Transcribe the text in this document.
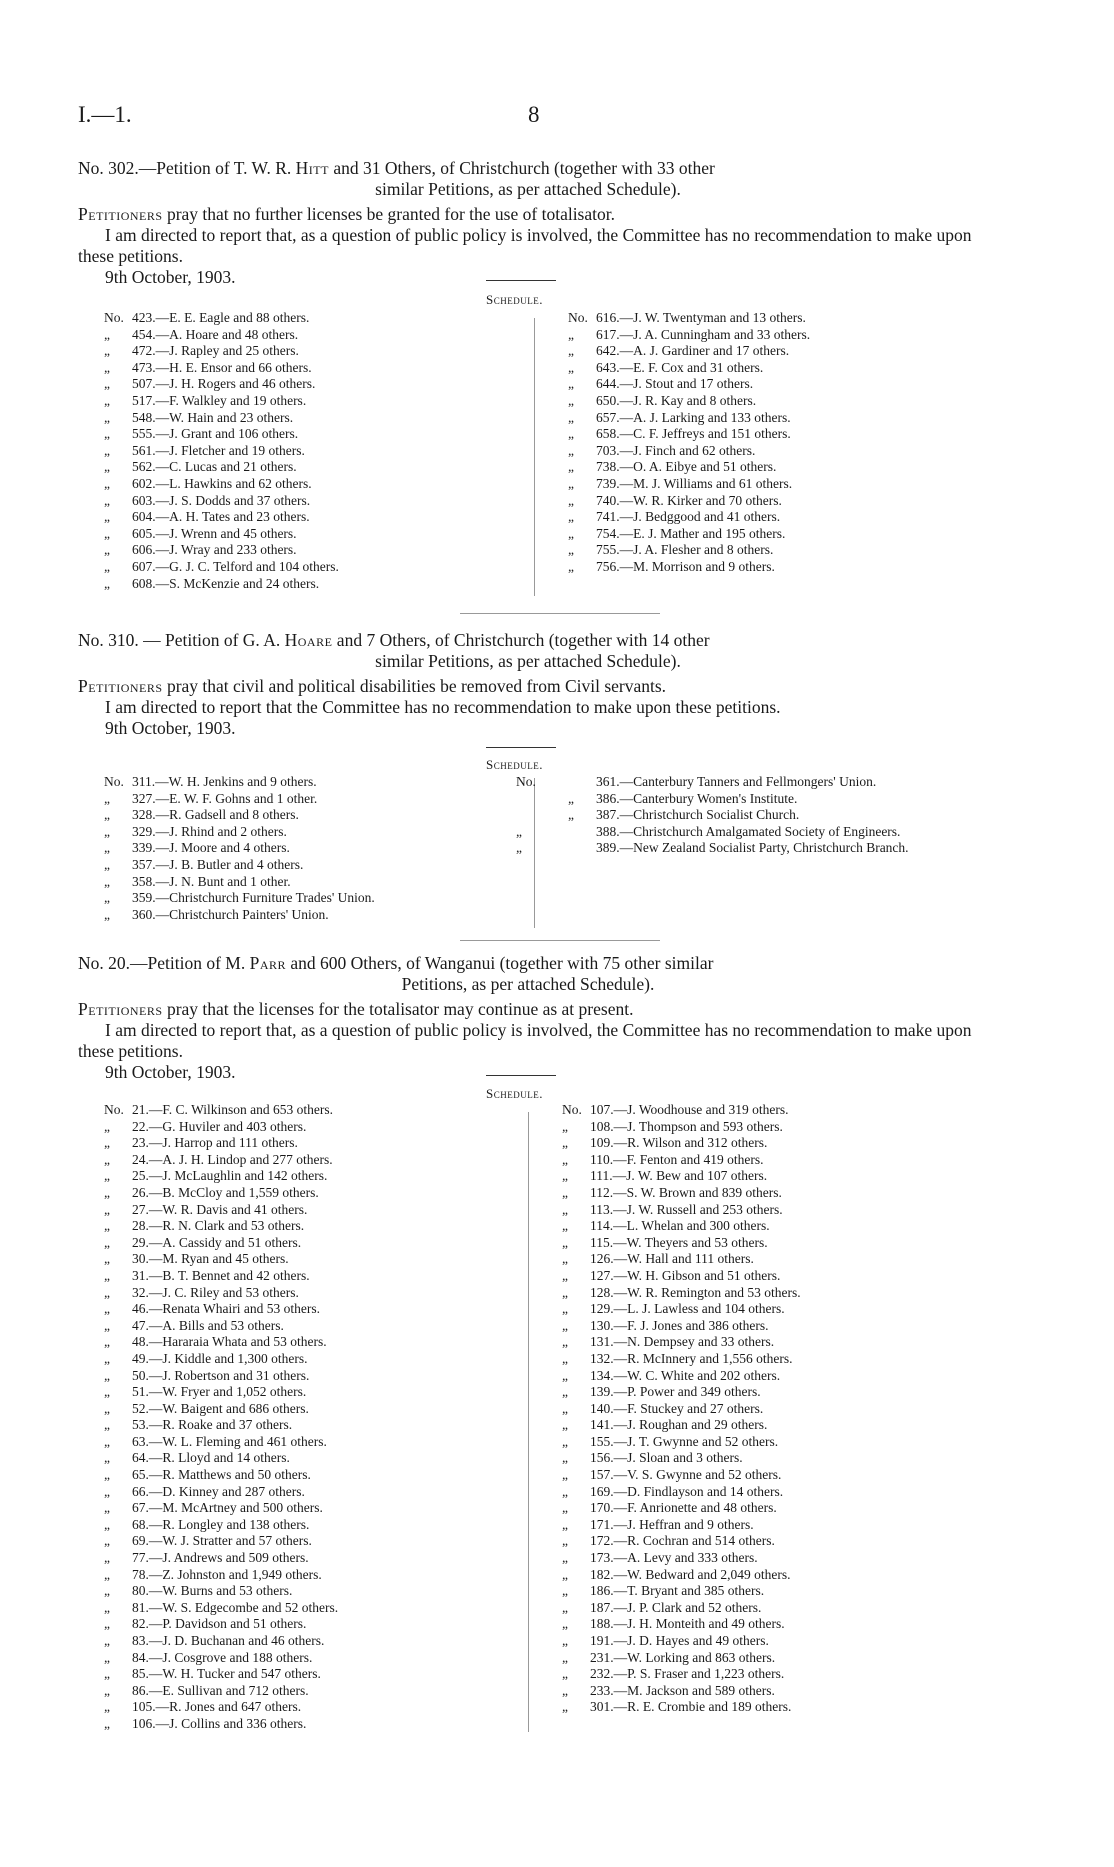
I.—1.	8
No. 302.—Petition of T. W. R. Hitt and 31 Others, of Christchurch (together with 33 other
similar Petitions, as per attached Schedule).
Petitioners pray that no further licenses be granted for the use of totalisator.
I am directed to report that, as a question of public policy is involved, the Committee has no recommendation to make upon these petitions.
9th October, 1903.
Schedule.
No. 423.—E. E. Eagle and 88 others.
„ 454.—A. Hoare and 48 others.
„ 472.—J. Rapley and 25 others.
„ 473.—H. E. Ensor and 66 others.
„ 507.—J. H. Rogers and 46 others.
„ 517.—F. Walkley and 19 others.
„ 548.—W. Hain and 23 others.
„ 555.—J. Grant and 106 others.
„ 561.—J. Fletcher and 19 others.
„ 562.—C. Lucas and 21 others.
„ 602.—L. Hawkins and 62 others.
„ 603.—J. S. Dodds and 37 others.
„ 604.—A. H. Tates and 23 others.
„ 605.—J. Wrenn and 45 others.
„ 606.—J. Wray and 233 others.
„ 607.—G. J. C. Telford and 104 others.
„ 608.—S. McKenzie and 24 others.
No. 616.—J. W. Twentyman and 13 others.
„ 617.—J. A. Cunningham and 33 others.
„ 642.—A. J. Gardiner and 17 others.
„ 643.—E. F. Cox and 31 others.
„ 644.—J. Stout and 17 others.
„ 650.—J. R. Kay and 8 others.
„ 657.—A. J. Larking and 133 others.
„ 658.—C. F. Jeffreys and 151 others.
„ 703.—J. Finch and 62 others.
„ 738.—O. A. Eibye and 51 others.
„ 739.—M. J. Williams and 61 others.
„ 740.—W. R. Kirker and 70 others.
„ 741.—J. Bedggood and 41 others.
„ 754.—E. J. Mather and 195 others.
„ 755.—J. A. Flesher and 8 others.
„ 756.—M. Morrison and 9 others.
No. 310. — Petition of G. A. Hoare and 7 Others, of Christchurch (together with 14 other
similar Petitions, as per attached Schedule).
Petitioners pray that civil and political disabilities be removed from Civil servants.
I am directed to report that the Committee has no recommendation to make upon these petitions.
9th October, 1903.
Schedule.
No. 311.—W. H. Jenkins and 9 others.
„ 327.—E. W. F. Gohns and 1 other.
„ 328.—R. Gadsell and 8 others.
„ 329.—J. Rhind and 2 others.
„ 339.—J. Moore and 4 others.
„ 357.—J. B. Butler and 4 others.
„ 358.—J. N. Bunt and 1 other.
„ 359.—Christchurch Furniture Trades' Union.
„ 360.—Christchurch Painters' Union.
No.	361.—Canterbury Tanners and Fellmongers' Union.
„ 386.—Canterbury Women's Institute.
„ 387.—Christchurch Socialist Church.
„	388.—Christchurch Amalgamated Society of Engineers.
„	389.—New Zealand Socialist Party, Christchurch Branch.
No. 20.—Petition of M. Parr and 600 Others, of Wanganui (together with 75 other similar
Petitions, as per attached Schedule).
Petitioners pray that the licenses for the totalisator may continue as at present.
I am directed to report that, as a question of public policy is involved, the Committee has no recommendation to make upon these petitions.
9th October, 1903.
Schedule.
No. 21.—F. C. Wilkinson and 653 others.
„ 22.—G. Huviler and 403 others.
„ 23.—J. Harrop and 111 others.
„ 24.—A. J. H. Lindop and 277 others.
„ 25.—J. McLaughlin and 142 others.
„ 26.—B. McCloy and 1,559 others.
„ 27.—W. R. Davis and 41 others.
„ 28.—R. N. Clark and 53 others.
„ 29.—A. Cassidy and 51 others.
„ 30.—M. Ryan and 45 others.
„ 31.—B. T. Bennet and 42 others.
„ 32.—J. C. Riley and 53 others.
„ 46.—Renata Whairi and 53 others.
„ 47.—A. Bills and 53 others.
„ 48.—Hararaia Whata and 53 others.
„ 49.—J. Kiddle and 1,300 others.
„ 50.—J. Robertson and 31 others.
„ 51.—W. Fryer and 1,052 others.
„ 52.—W. Baigent and 686 others.
„ 53.—R. Roake and 37 others.
„ 63.—W. L. Fleming and 461 others.
„ 64.—R. Lloyd and 14 others.
„ 65.—R. Matthews and 50 others.
„ 66.—D. Kinney and 287 others.
„ 67.—M. McArtney and 500 others.
„ 68.—R. Longley and 138 others.
„ 69.—W. J. Stratter and 57 others.
„ 77.—J. Andrews and 509 others.
„ 78.—Z. Johnston and 1,949 others.
„ 80.—W. Burns and 53 others.
„ 81.—W. S. Edgecombe and 52 others.
„ 82.—P. Davidson and 51 others.
„ 83.—J. D. Buchanan and 46 others.
„ 84.—J. Cosgrove and 188 others.
„ 85.—W. H. Tucker and 547 others.
„ 86.—E. Sullivan and 712 others.
„ 105.—R. Jones and 647 others.
„ 106.—J. Collins and 336 others.
No. 107.—J. Woodhouse and 319 others.
„ 108.—J. Thompson and 593 others.
„ 109.—R. Wilson and 312 others.
„ 110.—F. Fenton and 419 others.
„ 111.—J. W. Bew and 107 others.
„ 112.—S. W. Brown and 839 others.
„ 113.—J. W. Russell and 253 others.
„ 114.—L. Whelan and 300 others.
„ 115.—W. Theyers and 53 others.
„ 126.—W. Hall and 111 others.
„ 127.—W. H. Gibson and 51 others.
„ 128.—W. R. Remington and 53 others.
„ 129.—L. J. Lawless and 104 others.
„ 130.—F. J. Jones and 386 others.
„ 131.—N. Dempsey and 33 others.
„ 132.—R. McInnery and 1,556 others.
„ 134.—W. C. White and 202 others.
„ 139.—P. Power and 349 others.
„ 140.—F. Stuckey and 27 others.
„ 141.—J. Roughan and 29 others.
„ 155.—J. T. Gwynne and 52 others.
„ 156.—J. Sloan and 3 others.
„ 157.—V. S. Gwynne and 52 others.
„ 169.—D. Findlayson and 14 others.
„ 170.—F. Anrionette and 48 others.
„ 171.—J. Heffran and 9 others.
„ 172.—R. Cochran and 514 others.
„ 173.—A. Levy and 333 others.
„ 182.—W. Bedward and 2,049 others.
„ 186.—T. Bryant and 385 others.
„ 187.—J. P. Clark and 52 others.
„ 188.—J. H. Monteith and 49 others.
„ 191.—J. D. Hayes and 49 others.
„ 231.—W. Lorking and 863 others.
„ 232.—P. S. Fraser and 1,223 others.
„ 233.—M. Jackson and 589 others.
„ 301.—R. E. Crombie and 189 others.
